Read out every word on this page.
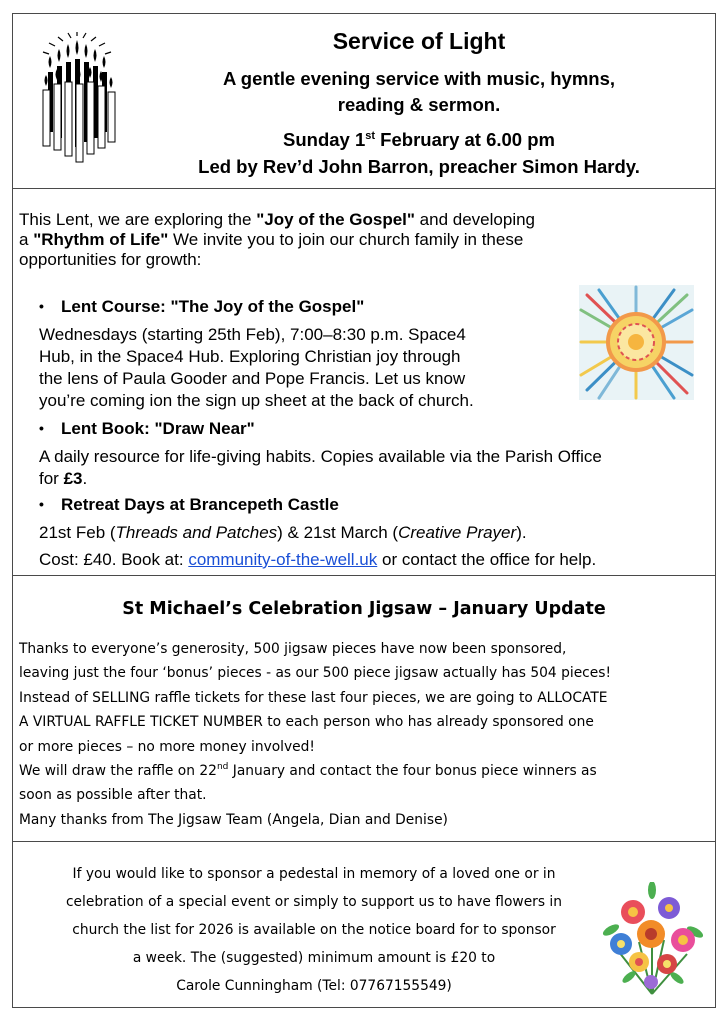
Service of Light
A gentle evening service with music, hymns,
reading & sermon.
Sunday 1st February at 6.00 pm
Led by Rev’d John Barron, preacher Simon Hardy.
This Lent, we are exploring the "Joy of the Gospel" and developing
a "Rhythm of Life" We invite you to join our church family in these
opportunities for growth:
• Lent Course: "The Joy of the Gospel"
Wednesdays (starting 25th Feb), 7:00–8:30 p.m. Space4
Hub, in the Space4 Hub. Exploring Christian joy through
the lens of Paula Gooder and Pope Francis. Let us know
you’re coming ion the sign up sheet at the back of church.
• Lent Book: "Draw Near"
A daily resource for life-giving habits. Copies available via the Parish Office
for £3.
• Retreat Days at Brancepeth Castle
21st Feb (Threads and Patches) & 21st March (Creative Prayer).
Cost: £40. Book at: community-of-the-well.uk or contact the office for help.
St Michael’s Celebration Jigsaw – January Update
Thanks to everyone’s generosity, 500 jigsaw pieces have now been sponsored,
leaving just the four ‘bonus’ pieces - as our 500 piece jigsaw actually has 504 pieces!
Instead of SELLING raffle tickets for these last four pieces, we are going to ALLOCATE
A VIRTUAL RAFFLE TICKET NUMBER to each person who has already sponsored one
or more pieces – no more money involved!
We will draw the raffle on 22nd January and contact the four bonus piece winners as
soon as possible after that.
Many thanks from The Jigsaw Team (Angela, Dian and Denise)
If you would like to sponsor a pedestal in memory of a loved one or in
celebration of a special event or simply to support us to have flowers in
church the list for 2026 is available on the notice board for to sponsor
a week. The (suggested) minimum amount is £20 to
Carole Cunningham (Tel: 07767155549)
